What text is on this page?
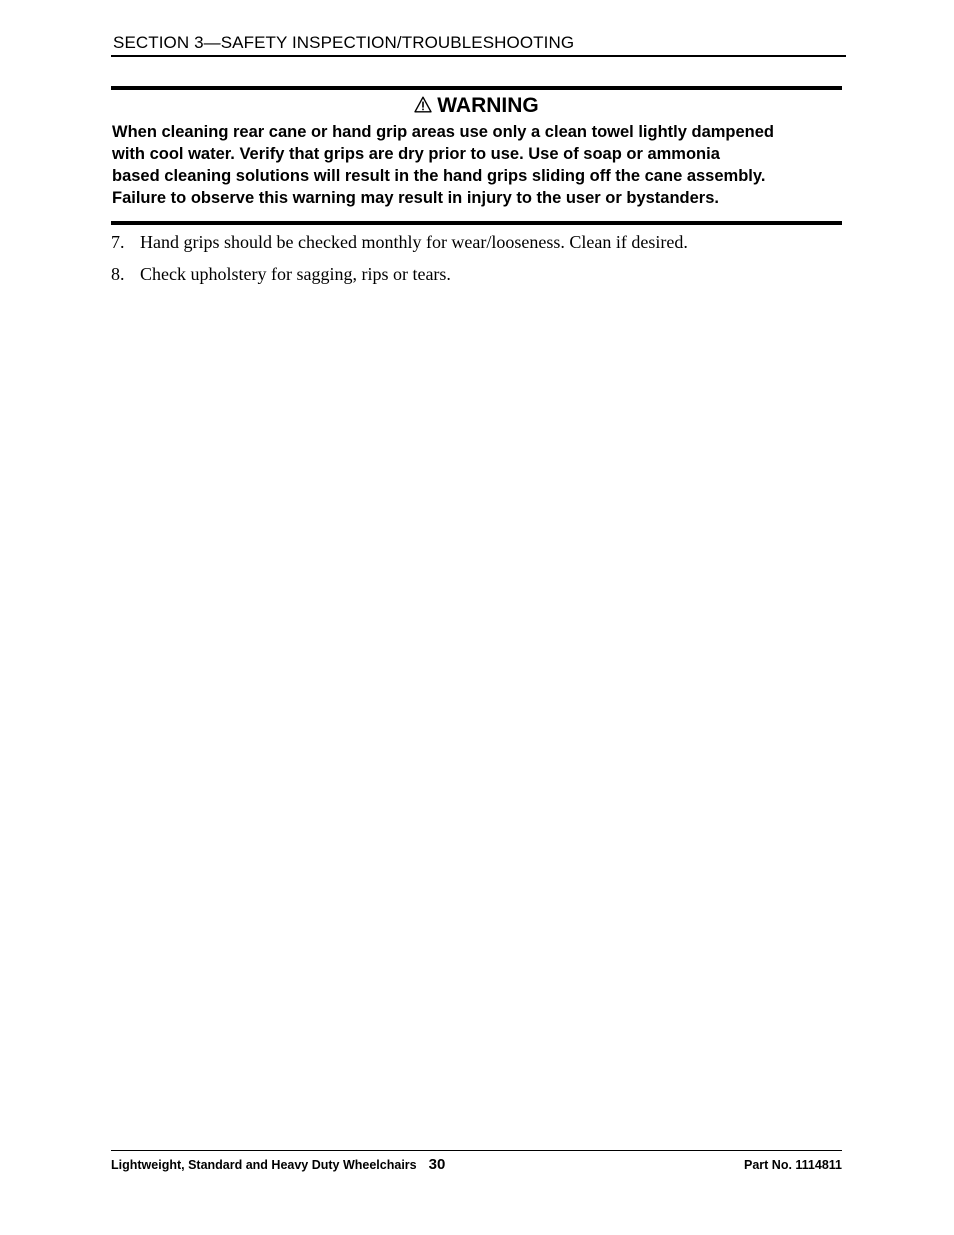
SECTION 3—SAFETY INSPECTION/TROUBLESHOOTING
WARNING
When cleaning rear cane or hand grip areas use only a clean towel lightly dampened
with cool water. Verify that grips are dry prior to use. Use of soap or ammonia
based cleaning solutions will result in the hand grips sliding off the cane assembly.
Failure to observe this warning may result in injury to the user or bystanders.
7. Hand grips should be checked monthly for wear/looseness. Clean if desired.
8. Check upholstery for sagging, rips or tears.
Lightweight, Standard and Heavy Duty Wheelchairs 30	Part No. 1114811
